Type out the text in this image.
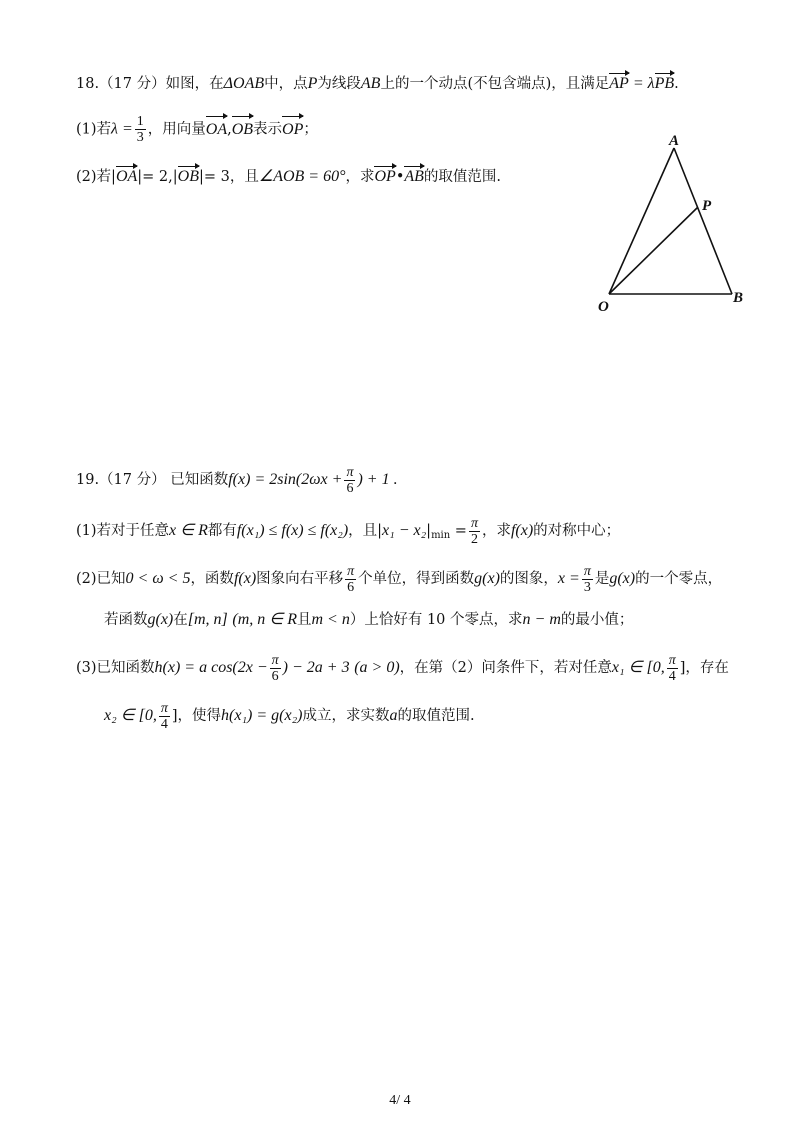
18.（17 分）如图，在ΔOAB中，点P为线段AB上的一个动点(不包含端点)，且满足AP = λPB.
(1)若$\lambda = \frac{1}{3}$ ，用向量OA,OB表示OP；
(2)若|OA|= 2,|OB|= 3，且∠AOB = 60°，求OP•AB的取值范围.
A
P
O
B
19.（17 分） 已知函数$f(x) = 2\sin(2\omega x + \frac{\pi}{6}$ ) + 1 .
(1)若对于任意x ∈ R都有f(x₁) ≤ f(x) ≤ f(x₂)，且$|x_1 - x_2|_{min} = \frac{\pi}{2}$ ，求f(x)的对称中心；
(2)已知0 < ω < 5，函数f(x)图象向右平移 $\frac{\pi}{6}$ 个单位，得到函数g(x)的图象，$x = \frac{\pi}{3}$ 是g(x)的一个零点，
若函数g(x)在[m, n] (m, n ∈ R且m < n）上恰好有 10 个零点，求n − m的最小值；
(3)已知函数h(x) = a $\cos(2x - \frac{\pi}{6}$ ) − 2a + 3 (a > 0)，在第（2）问条件下，若对任意x₁ ∈ [0, $\frac{\pi}{4}$ ]，存在
x₂ ∈ [0, $\frac{\pi}{4}$ ]，使得h(x₁) = g(x₂)成立，求实数a的取值范围.
4/ 4
